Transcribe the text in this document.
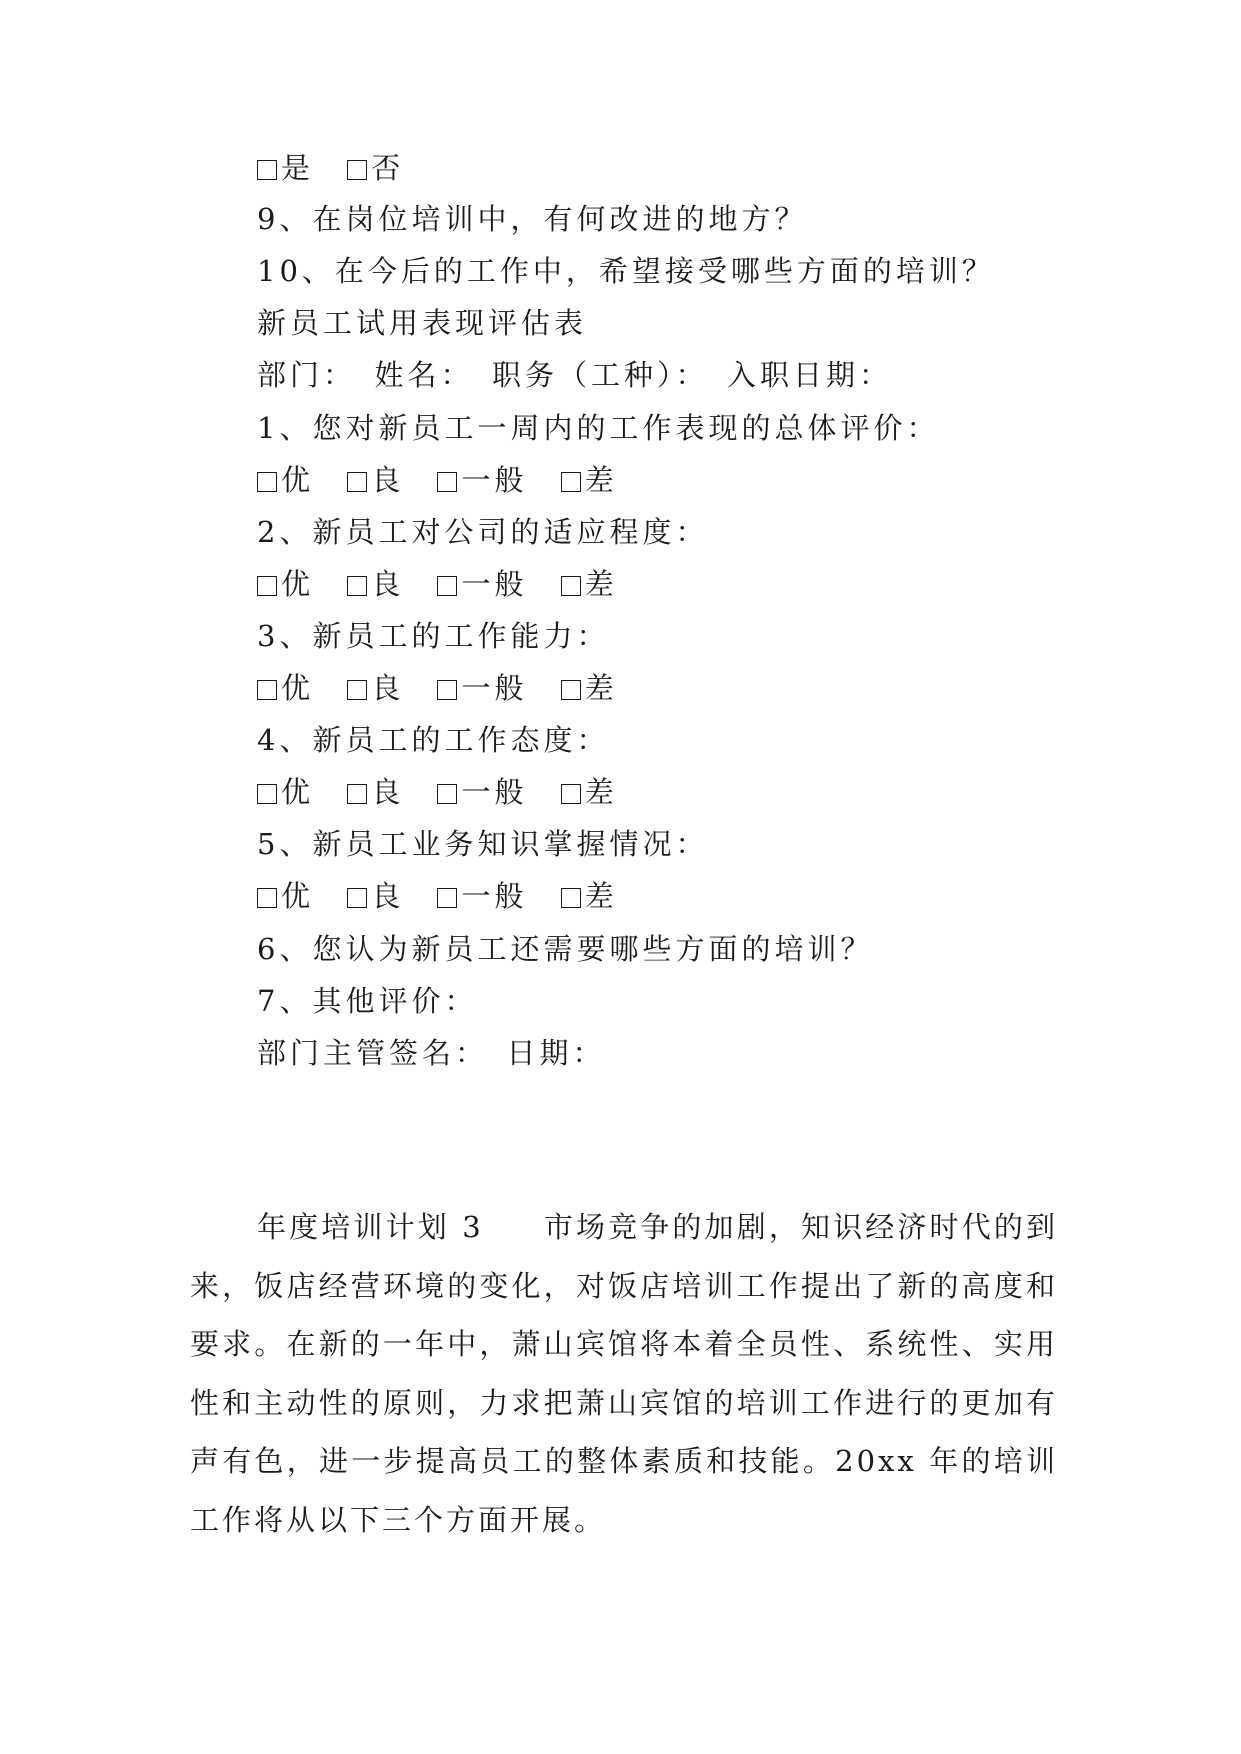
是 否
9、在岗位培训中，有何改进的地方？
10、在今后的工作中，希望接受哪些方面的培训？
新员工试用表现评估表
部门：　姓名：　职务（工种）：　入职日期：
1、您对新员工一周内的工作表现的总体评价：
优 良 一般 差
2、新员工对公司的适应程度：
优 良 一般 差
3、新员工的工作能力：
优 良 一般 差
4、新员工的工作态度：
优 良 一般 差
5、新员工业务知识掌握情况：
优 良 一般 差
6、您认为新员工还需要哪些方面的培训？
7、其他评价：
部门主管签名：　日期：
年度培训计划 3 市场竞争的加剧，知识经济时代的到来，饭店经营环境的变化，对饭店培训工作提出了新的高度和要求。在新的一年中，萧山宾馆将本着全员性、系统性、实用性和主动性的原则，力求把萧山宾馆的培训工作进行的更加有声有色，进一步提高员工的整体素质和技能。20xx 年的培训工作将从以下三个方面开展。
